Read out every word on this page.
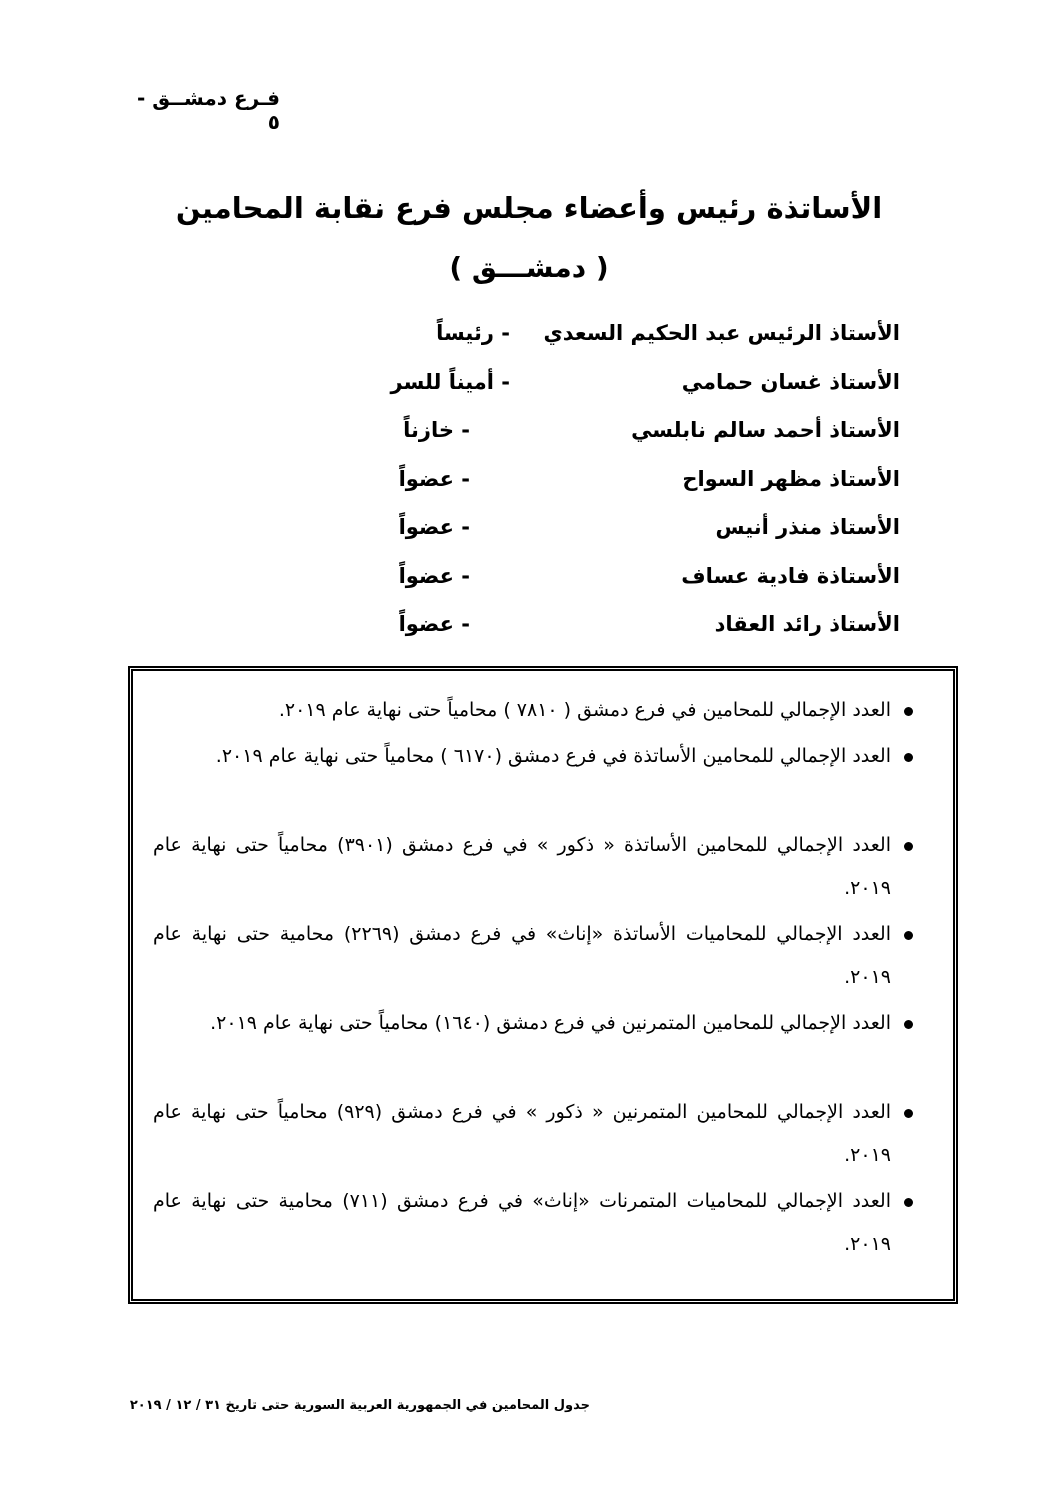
فـرع دمشــق - ٥
الأساتذة رئيس وأعضاء مجلس فرع نقابة المحامين
( دمشـــق )
الأستاذ الرئيس عبد الحكيم السعدي
- رئيساً
الأستاذ غسان حمامي
- أميناً للسر
الأستاذ أحمد سالم نابلسي
- خازناً
الأستاذ مظهر السواح
- عضواً
الأستاذ منذر أنيس
- عضواً
الأستاذة فادية عساف
- عضواً
الأستاذ رائد العقاد
- عضواً
العدد الإجمالي للمحامين في فرع دمشق ( ٧٨١٠ ) محامياً حتى نهاية عام ٢٠١٩.
العدد الإجمالي للمحامين الأساتذة في فرع دمشق (٦١٧٠ ) محامياً حتى نهاية عام ٢٠١٩.
العدد الإجمالي للمحامين الأساتذة « ذكور » في فرع دمشق (٣٩٠١) محامياً حتى نهاية عام ٢٠١٩.
العدد الإجمالي للمحاميات الأساتذة «إناث» في فرع دمشق (٢٢٦٩) محامية حتى نهاية عام ٢٠١٩.
العدد الإجمالي للمحامين المتمرنين في فرع دمشق (١٦٤٠) محامياً حتى نهاية عام ٢٠١٩.
العدد الإجمالي للمحامين المتمرنين « ذكور » في فرع دمشق (٩٢٩) محامياً حتى نهاية عام ٢٠١٩.
العدد الإجمالي للمحاميات المتمرنات «إناث» في فرع دمشق (٧١١) محامية حتى نهاية عام ٢٠١٩.
جدول المحامين في الجمهورية العربية السورية حتى تاريخ ٣١ / ١٢ / ٢٠١٩
